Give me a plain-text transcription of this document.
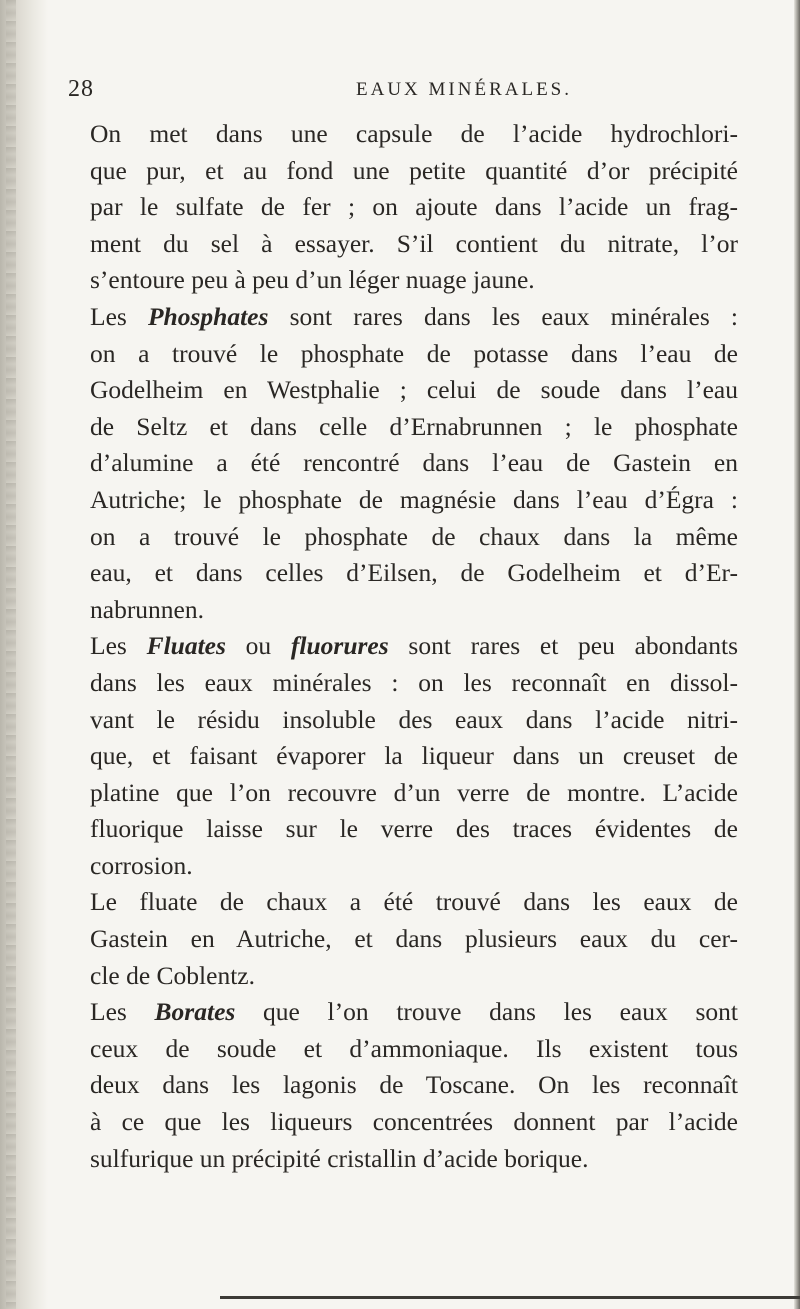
28	EAUX MINÉRALES.

On met dans une capsule de l’acide hydrochlori-
que pur, et au fond une petite quantité d’or précipité
par le sulfate de fer ; on ajoute dans l’acide un frag-
ment du sel à essayer. S’il contient du nitrate, l’or
s’entoure peu à peu d’un léger nuage jaune.

Les Phosphates sont rares dans les eaux minérales :
on a trouvé le phosphate de potasse dans l’eau de
Godelheim en Westphalie ; celui de soude dans l’eau
de Seltz et dans celle d’Ernabrunnen ; le phosphate
d’alumine a été rencontré dans l’eau de Gastein en
Autriche; le phosphate de magnésie dans l’eau d’Égra :
on a trouvé le phosphate de chaux dans la même
eau, et dans celles d’Eilsen, de Godelheim et d’Er-
nabrunnen.

Les Fluates ou fluorures sont rares et peu abondants
dans les eaux minérales : on les reconnaît en dissol-
vant le résidu insoluble des eaux dans l’acide nitri-
que, et faisant évaporer la liqueur dans un creuset de
platine que l’on recouvre d’un verre de montre. L’acide
fluorique laisse sur le verre des traces évidentes de
corrosion.

Le fluate de chaux a été trouvé dans les eaux de
Gastein en Autriche, et dans plusieurs eaux du cer-
cle de Coblentz.

Les Borates que l’on trouve dans les eaux sont
ceux de soude et d’ammoniaque. Ils existent tous
deux dans les lagonis de Toscane. On les reconnaît
à ce que les liqueurs concentrées donnent par l’acide
sulfurique un précipité cristallin d’acide borique.
